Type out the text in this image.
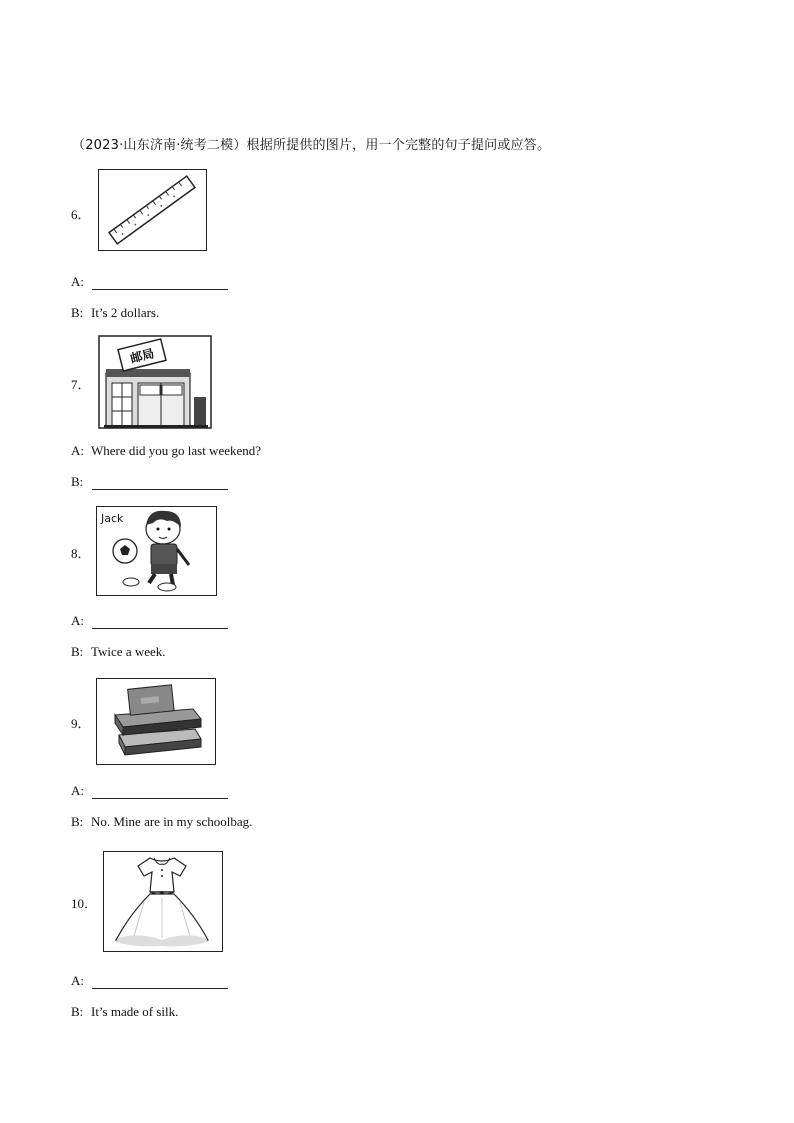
（2023·山东济南·统考二模）根据所提供的图片，用一个完整的句子提问或应答。
6．
A:
B: It’s 2 dollars.
7．
邮局
A: Where did you go last weekend?
B:
8．
Jack
A:
B: Twice a week.
9．
A:
B: No. Mine are in my schoolbag.
10．
A:
B: It’s made of silk.
